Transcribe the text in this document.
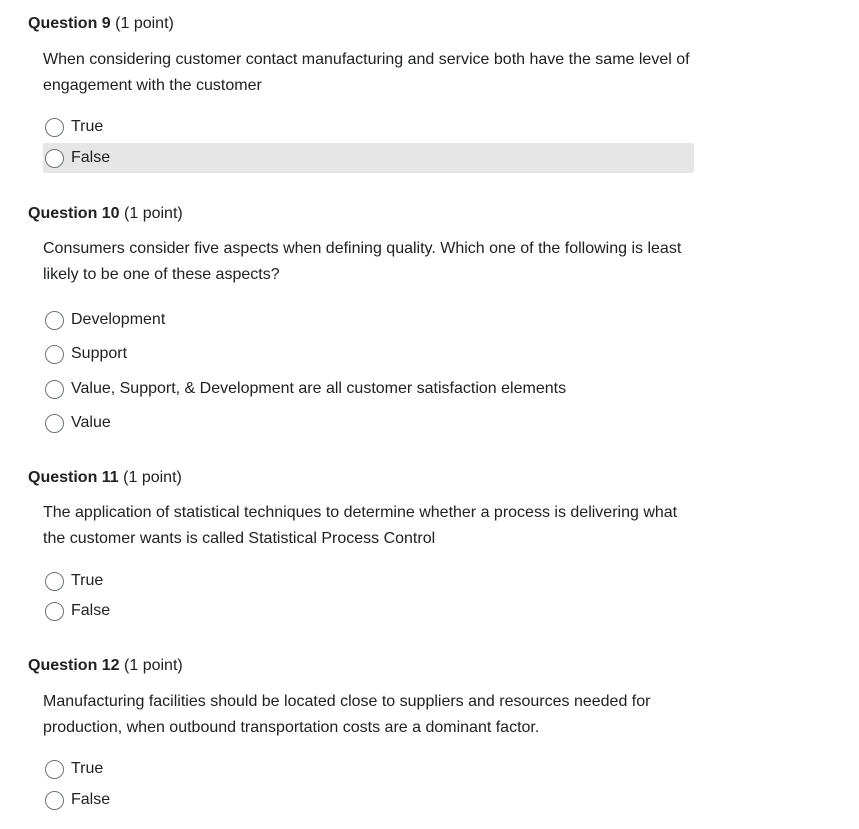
Question 9 (1 point)
When considering customer contact manufacturing and service both have the same level of engagement with the customer
True
False
Question 10 (1 point)
Consumers consider five aspects when defining quality. Which one of the following is least likely to be one of these aspects?
Development
Support
Value, Support, & Development are all customer satisfaction elements
Value
Question 11 (1 point)
The application of statistical techniques to determine whether a process is delivering what the customer wants is called Statistical Process Control
True
False
Question 12 (1 point)
Manufacturing facilities should be located close to suppliers and resources needed for production, when outbound transportation costs are a dominant factor.
True
False
